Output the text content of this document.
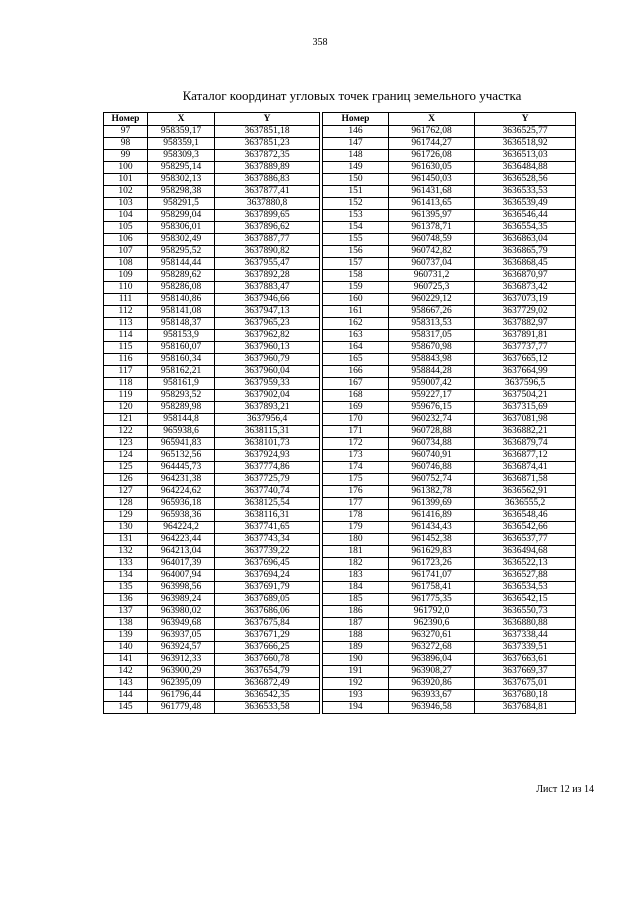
358
Каталог координат угловых точек границ земельного участка
Номер	X	Y
97	958359,17	3637851,18
98	958359,1	3637851,23
99	958309,3	3637872,35
100	958295,14	3637889,89
101	958302,13	3637886,83
102	958298,38	3637877,41
103	958291,5	3637880,8
104	958299,04	3637899,65
105	958306,01	3637896,62
106	958302,49	3637887,77
107	958295,52	3637890,82
108	958144,44	3637955,47
109	958289,62	3637892,28
110	958286,08	3637883,47
111	958140,86	3637946,66
112	958141,08	3637947,13
113	958148,37	3637965,23
114	958153,9	3637962,82
115	958160,07	3637960,13
116	958160,34	3637960,79
117	958162,21	3637960,04
118	958161,9	3637959,33
119	958293,52	3637902,04
120	958289,98	3637893,21
121	958144,8	3637956,4
122	965938,6	3638115,31
123	965941,83	3638101,73
124	965132,56	3637924,93
125	964445,73	3637774,86
126	964231,38	3637725,79
127	964224,62	3637740,74
128	965936,18	3638125,54
129	965938,36	3638116,31
130	964224,2	3637741,65
131	964223,44	3637743,34
132	964213,04	3637739,22
133	964017,39	3637696,45
134	964007,94	3637694,24
135	963998,56	3637691,79
136	963989,24	3637689,05
137	963980,02	3637686,06
138	963949,68	3637675,84
139	963937,05	3637671,29
140	963924,57	3637666,25
141	963912,33	3637660,78
142	963900,29	3637654,79
143	962395,09	3636872,49
144	961796,44	3636542,35
145	961779,48	3636533,58
Номер	X	Y
146	961762,08	3636525,77
147	961744,27	3636518,92
148	961726,08	3636513,03
149	961630,05	3636484,88
150	961450,03	3636528,56
151	961431,68	3636533,53
152	961413,65	3636539,49
153	961395,97	3636546,44
154	961378,71	3636554,35
155	960748,59	3636863,04
156	960742,82	3636865,79
157	960737,04	3636868,45
158	960731,2	3636870,97
159	960725,3	3636873,42
160	960229,12	3637073,19
161	958667,26	3637729,02
162	958313,53	3637882,97
163	958317,05	3637891,81
164	958670,98	3637737,77
165	958843,98	3637665,12
166	958844,28	3637664,99
167	959007,42	3637596,5
168	959227,17	3637504,21
169	959676,15	3637315,69
170	960232,74	3637081,98
171	960728,88	3636882,21
172	960734,88	3636879,74
173	960740,91	3636877,12
174	960746,88	3636874,41
175	960752,74	3636871,58
176	961382,78	3636562,91
177	961399,69	3636555,2
178	961416,89	3636548,46
179	961434,43	3636542,66
180	961452,38	3636537,77
181	961629,83	3636494,68
182	961723,26	3636522,13
183	961741,07	3636527,88
184	961758,41	3636534,53
185	961775,35	3636542,15
186	961792,0	3636550,73
187	962390,6	3636880,88
188	963270,61	3637338,44
189	963272,68	3637339,51
190	963896,04	3637663,61
191	963908,27	3637669,37
192	963920,86	3637675,01
193	963933,67	3637680,18
194	963946,58	3637684,81
Лист 12 из 14
